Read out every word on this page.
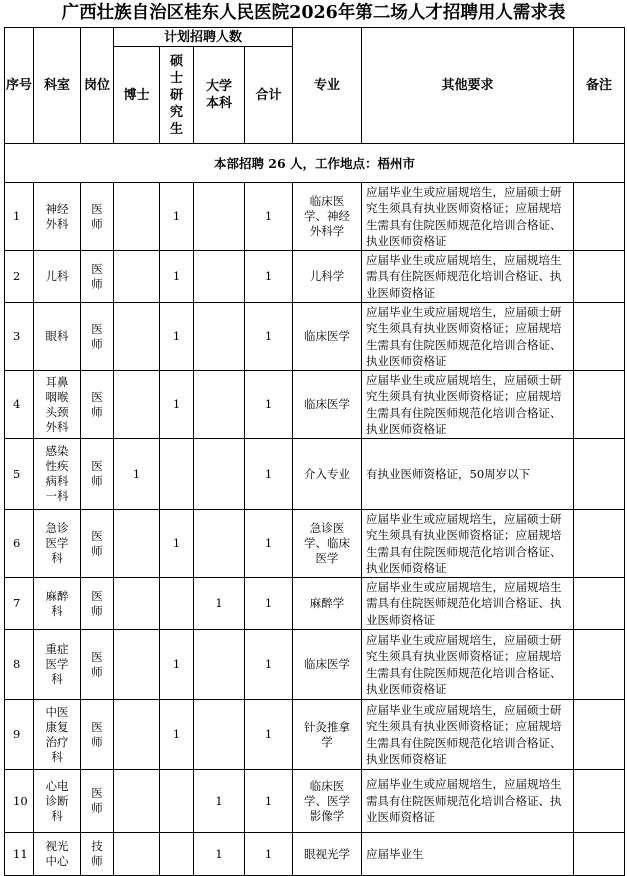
广西壮族自治区桂东人民医院2026年第二场人才招聘用人需求表
序号	科室	岗位	计划招聘人数				专业	其他要求	备注
			博士	硕士研究生	大学本科	合计			
本部招聘 26 人，工作地点：梧州市									
1	神经外科	医师		1		1	临床医学、神经外科学	应届毕业生或应届规培生，应届硕士研究生须具有执业医师资格证；应届规培生需具有住院医师规范化培训合格证、执业医师资格证	
2	儿科	医师		1		1	儿科学	应届毕业生或应届规培生，应届规培生需具有住院医师规范化培训合格证、执业医师资格证	
3	眼科	医师		1		1	临床医学	应届毕业生或应届规培生，应届硕士研究生须具有执业医师资格证；应届规培生需具有住院医师规范化培训合格证、执业医师资格证	
4	耳鼻咽喉头颈外科	医师		1		1	临床医学	应届毕业生或应届规培生，应届硕士研究生须具有执业医师资格证；应届规培生需具有住院医师规范化培训合格证、执业医师资格证	
5	感染性疾病科一科	医师	1			1	介入专业	有执业医师资格证，50周岁以下	
6	急诊医学科	医师		1		1	急诊医学、临床医学	应届毕业生或应届规培生，应届硕士研究生须具有执业医师资格证；应届规培生需具有住院医师规范化培训合格证、执业医师资格证	
7	麻醉科	医师			1	1	麻醉学	应届毕业生或应届规培生，应届规培生需具有住院医师规范化培训合格证、执业医师资格证	
8	重症医学科	医师		1		1	临床医学	应届毕业生或应届规培生，应届硕士研究生须具有执业医师资格证；应届规培生需具有住院医师规范化培训合格证、执业医师资格证	
9	中医康复治疗科	医师		1		1	针灸推拿学	应届毕业生或应届规培生，应届硕士研究生须具有执业医师资格证；应届规培生需具有住院医师规范化培训合格证、执业医师资格证	
10	心电诊断科	医师			1	1	临床医学、医学影像学	应届毕业生或应届规培生，应届规培生需具有住院医师规范化培训合格证、执业医师资格证	
11	视光中心	技师			1	1	眼视光学	应届毕业生	
